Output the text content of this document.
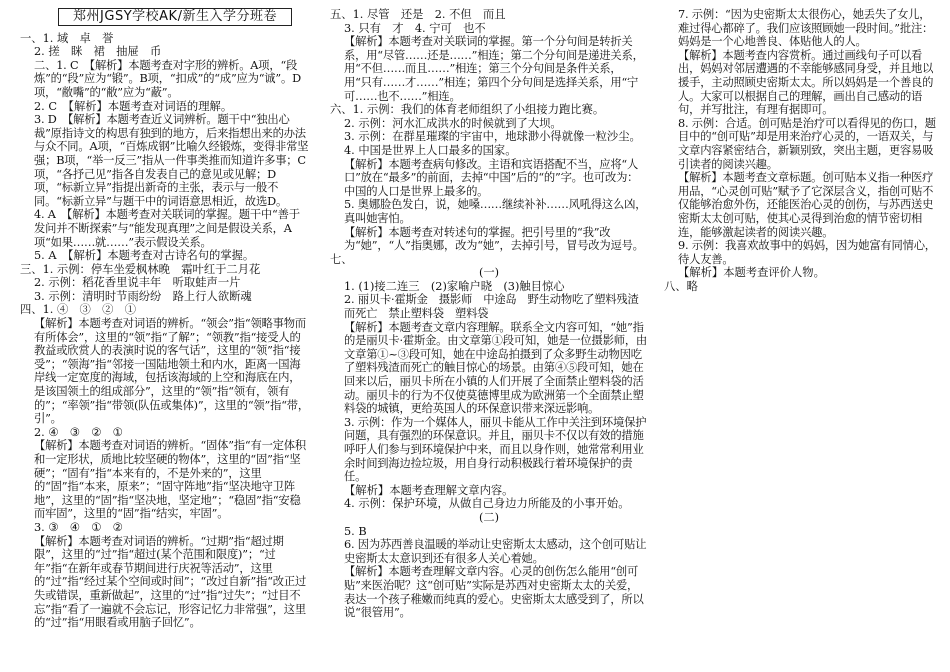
郑州JGSY学校AK/新生入学分班卷
一、1. 域　卓　誉
2. 搓　眯　裙　抽屉　币
二、1. C　【解析】本题考查对字形的辨析。A项，“段炼”的“段”应为“锻”。B项，“扣成”的“成”应为“诚”。D项，“敝嘴”的“敝”应为“蔽”。
2. C　【解析】本题考查对词语的理解。
3. D　【解析】本题考查近义词辨析。题干中“独出心裁”原指诗文的构思有独到的地方，后来指想出来的办法与众不同。A项，“百炼成钢”比喻久经锻炼，变得非常坚强；B项，“举一反三”指从一件事类推而知道许多事；C项，“各抒己见”指各自发表自己的意见或见解；D项，“标新立异”指提出新奇的主张，表示与一般不同。“标新立异”与题干中的词语意思相近，故选D。
4. A　【解析】本题考查对关联词的掌握。题干中“善于发问并不断探索”与“能发现真理”之间是假设关系，A项“如果……就……”表示假设关系。
5. A　【解析】本题考查对古诗名句的掌握。
三、1. 示例：停车坐爱枫林晚　霜叶红于二月花
2. 示例：稻花香里说丰年　听取蛙声一片
3. 示例：清明时节雨纷纷　路上行人欲断魂
四、1. ④　③　②　①
【解析】本题考查对词语的辨析。“领会”指“领略事物而有所体会”，这里的“领”指“了解”；“领教”指“接受人的教益或欣赏人的表演时说的客气话”，这里的“领”指“接受”；“领海”指“邻接一国陆地领土和内水，距离一国海岸线一定宽度的海域，包括该海域的上空和海底在内，是该国领土的组成部分”，这里的“领”指“领有，领有的”；“率领”指“带领(队伍或集体)”，这里的“领”指“带，引”。
2. ④　③　②　①
【解析】本题考查对词语的辨析。“固体”指“有一定体积和一定形状，质地比较坚硬的物体”，这里的“固”指“坚硬”；“固有”指“本来有的，不是外来的”，这里的“固”指“本来，原来”；“固守阵地”指“坚决地守卫阵地”，这里的“固”指“坚决地，坚定地”；“稳固”指“安稳而牢固”，这里的“固”指“结实，牢固”。
3. ③　④　①　②
【解析】本题考查对词语的辨析。“过期”指“超过期限”，这里的“过”指“超过(某个范围和限度)”；“过年”指“在新年或春节期间进行庆祝等活动”，这里的“过”指“经过某个空间或时间”；“改过自新”指“改正过失或错误，重新做起”，这里的“过”指“过失”；“过目不忘”指“看了一遍就不会忘记，形容记忆力非常强”，这里的“过”指“用眼看或用脑子回忆”。
五、1. 尽管　还是　2. 不但　而且
3. 只有　才　4. 宁可　也不
【解析】本题考查对关联词的掌握。第一个分句间是转折关系，用“尽管……还是……”相连；第二个分句间是递进关系，用“不但……而且……”相连；第三个分句间是条件关系，用“只有……才……”相连；第四个分句间是选择关系，用“宁可……也不……”相连。
六、1. 示例：我们的体育老师组织了小组接力跑比赛。
2. 示例：河水汇成洪水的时候就到了大坝。
3. 示例：在群星璀璨的宇宙中，地球渺小得就像一粒沙尘。
4. 中国是世界上人口最多的国家。
【解析】本题考查病句修改。主语和宾语搭配不当，应将“人口”放在“最多”的前面，去掉“中国”后的“的”字。也可改为：中国的人口是世界上最多的。
5. 奥娜脸色发白，说，她嗓……继续补补……风吼得这么凶，真叫她害怕。
【解析】本题考查对转述句的掌握。把引号里的“我”改为“她”，“人”指奥娜，改为“她”，去掉引号，冒号改为逗号。
七、
(一)
1. (1)接二连三　(2)家喻户晓　(3)触目惊心
2. 丽贝卡·霍斯金　摄影师　中途岛　野生动物吃了塑料残渣而死亡　禁止塑料袋　塑料袋
【解析】本题考查文章内容理解。联系全文内容可知，“她”指的是丽贝卡·霍斯金。由文章第①段可知，她是一位摄影师，由文章第①~③段可知，她在中途岛拍摄到了众多野生动物因吃了塑料残渣而死亡的触目惊心的场景。由第④⑤段可知，她在回来以后，丽贝卡所在小镇的人们开展了全面禁止塑料袋的活动。丽贝卡的行为不仅使莫德博里成为欧洲第一个全面禁止塑料袋的城镇，更给英国人的环保意识带来深远影响。
3. 示例：作为一个媒体人，丽贝卡能从工作中关注到环境保护问题，具有强烈的环保意识。并且，丽贝卡不仅以有效的措施呼吁人们参与到环境保护中来，而且以身作则，她常常利用业余时间到海边捡垃圾，用自身行动积极践行着环境保护的责任。
【解析】本题考查理解文章内容。
4. 示例：保护环境，从做自己身边力所能及的小事开始。
(二)
5. B
6. 因为苏西善良温暖的举动让史密斯太太感动，这个创可贴让史密斯太太意识到还有很多人关心着她。
【解析】本题考查理解文章内容。心灵的创伤怎么能用“创可贴”来医治呢？这“创可贴”实际是苏西对史密斯太太的关爱，表达一个孩子稚嫩而纯真的爱心。史密斯太太感受到了，所以说“很管用”。
7. 示例：“因为史密斯太太很伤心，她丢失了女儿，难过得心都碎了。我们应该照顾她一段时间。”批注：妈妈是一个心地善良、体贴他人的人。
【解析】本题考查内容赏析。通过画线句子可以看出，妈妈对邻居遭遇的不幸能够感同身受，并且地以援手，主动照顾史密斯太太。所以妈妈是一个善良的人。大家可以根据自己的理解，画出自己感动的语句，并写批注，有理有据即可。
8. 示例：合适。创可贴是治疗可以看得见的伤口，题目中的“创可贴”却是用来治疗心灵的，一语双关，与文章内容紧密结合，新颖别致，突出主题，更容易吸引读者的阅读兴趣。
【解析】本题考查文章标题。创可贴本义指一种医疗用品，“心灵创可贴”赋予了它深层含义，指创可贴不仅能够治愈外伤，还能医治心灵的创伤，与苏西送史密斯太太创可贴，使其心灵得到治愈的情节密切相连，能够激起读者的阅读兴趣。
9. 示例：我喜欢故事中的妈妈，因为她富有同情心，待人友善。
【解析】本题考查评价人物。
八、略
